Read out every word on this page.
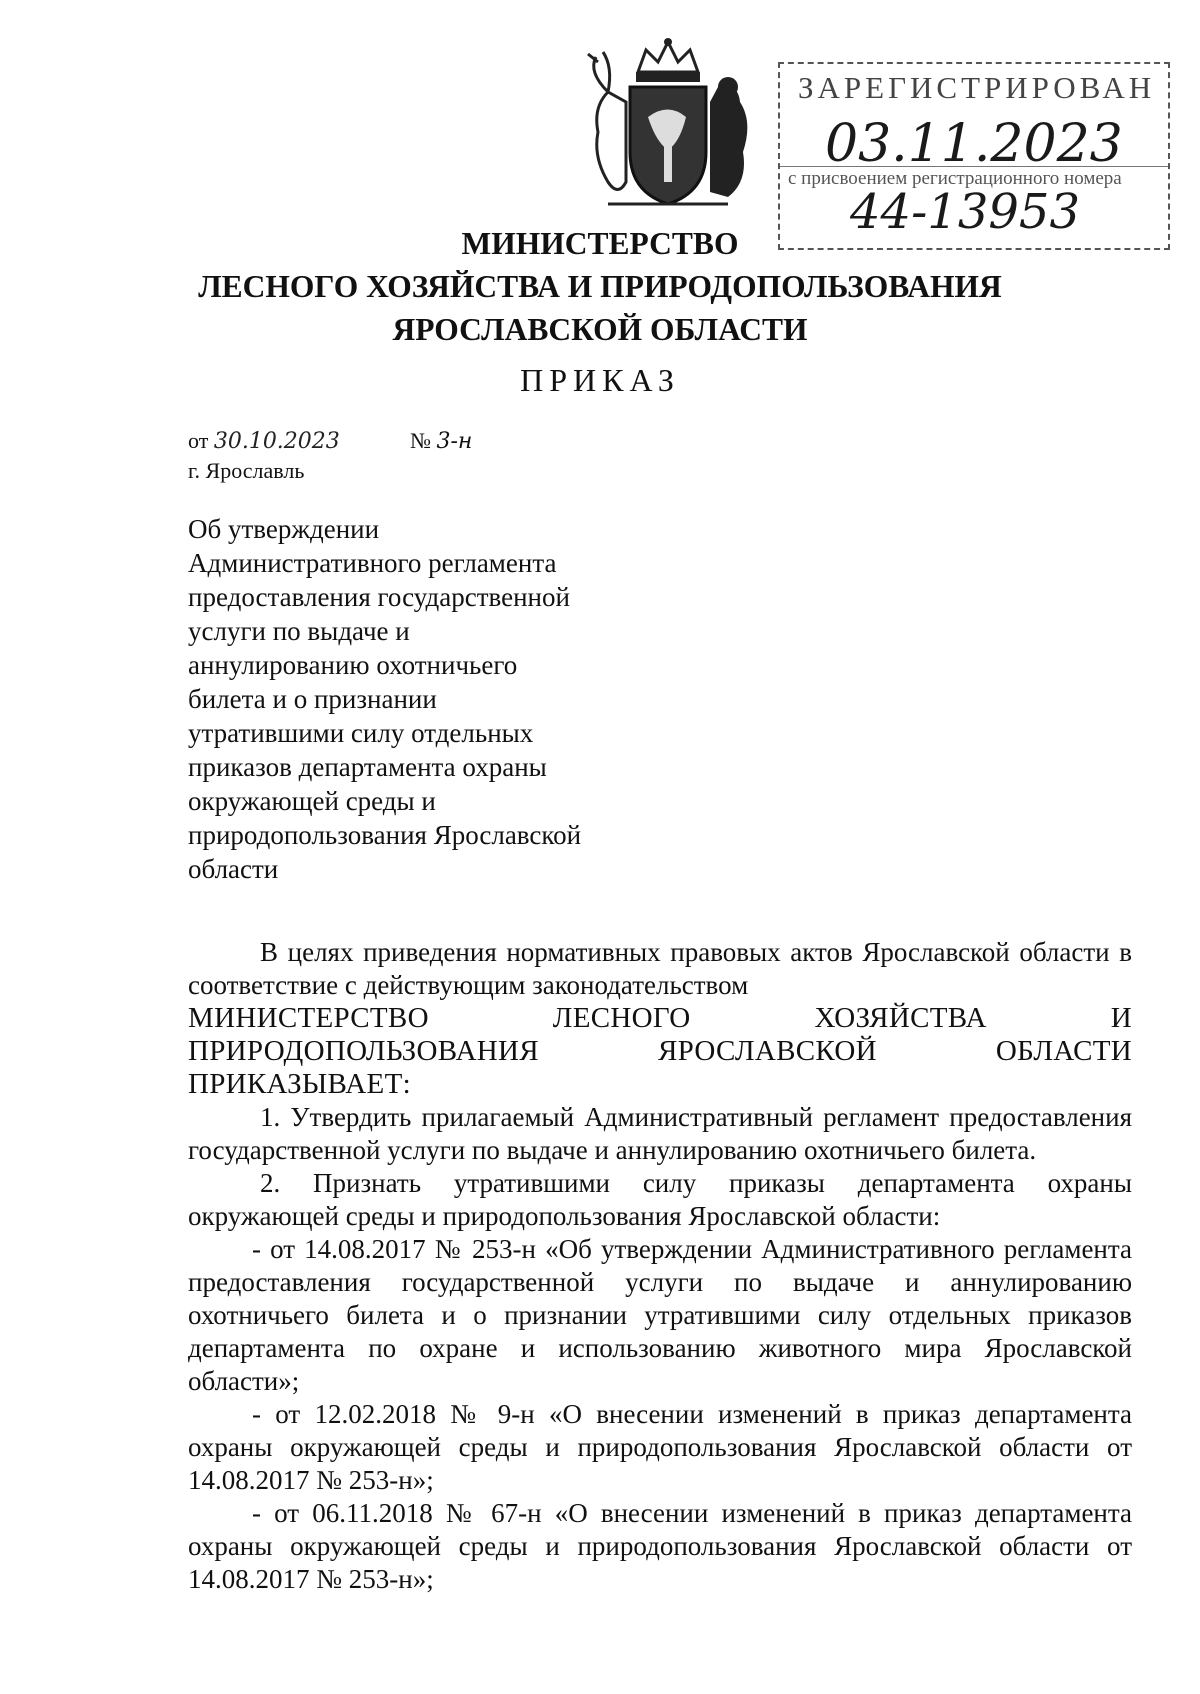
ЗАРЕГИСТРИРОВАН
03.11.2023
с присвоением регистрационного номера
44-13953
МИНИСТЕРСТВО
ЛЕСНОГО ХОЗЯЙСТВА И ПРИРОДОПОЛЬЗОВАНИЯ
ЯРОСЛАВСКОЙ ОБЛАСТИ
ПРИКАЗ
от 30.10.2023	№ 3-н
г. Ярославль
Об утверждении
Административного регламента
предоставления государственной
услуги по выдаче и
аннулированию охотничьего
билета и о признании
утратившими силу отдельных
приказов департамента охраны
окружающей среды и
природопользования Ярославской
области

В целях приведения нормативных правовых актов Ярославской области в соответствие с действующим законодательством

МИНИСТЕРСТВО ЛЕСНОГО ХОЗЯЙСТВА И ПРИРОДОПОЛЬЗОВАНИЯ ЯРОСЛАВСКОЙ ОБЛАСТИ ПРИКАЗЫВАЕТ:

1. Утвердить прилагаемый Административный регламент предоставления государственной услуги по выдаче и аннулированию охотничьего билета.

2. Признать утратившими силу приказы департамента охраны окружающей среды и природопользования Ярославской области:

- от 14.08.2017 № 253-н «Об утверждении Административного регламента предоставления государственной услуги по выдаче и аннулированию охотничьего билета и о признании утратившими силу отдельных приказов департамента по охране и использованию животного мира Ярославской области»;

- от 12.02.2018 № 9-н «О внесении изменений в приказ департамента охраны окружающей среды и природопользования Ярославской области от 14.08.2017 № 253-н»;

- от 06.11.2018 № 67-н «О внесении изменений в приказ департамента охраны окружающей среды и природопользования Ярославской области от 14.08.2017 № 253-н»;
